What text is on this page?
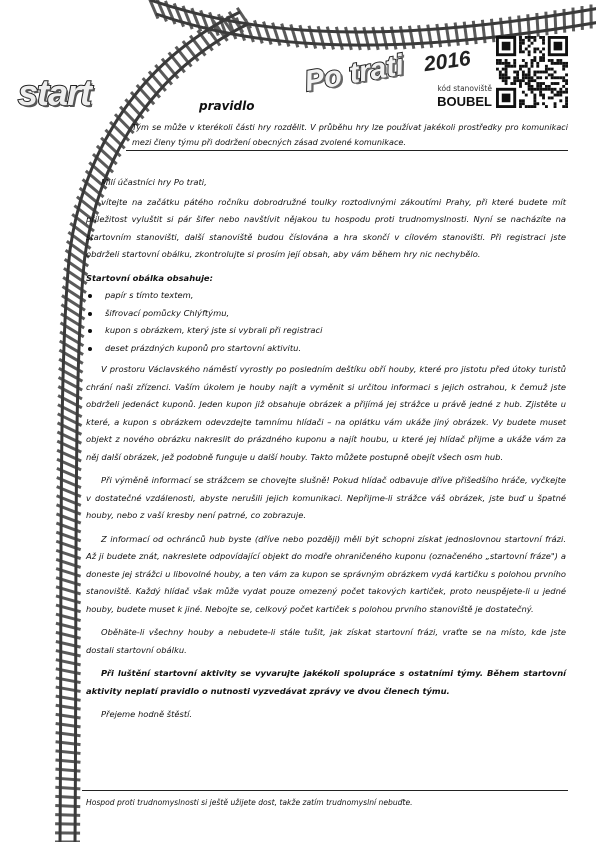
start	Po trati 2016
kód stanoviště
BOUBEL
pravidlo
Tým se může v kterékoli části hry rozdělit. V průběhu hry lze používat jakékoli prostředky pro komunikaci mezi členy týmu při dodržení obecných zásad zvolené komunikace.

Milí účastníci hry Po trati,

vítejte na začátku pátého ročníku dobrodružné toulky roztodivnými zákoutími Prahy, při které budete mít příležitost vyluštit si pár šifer nebo navštívit nějakou tu hospodu proti trudnomyslnosti. Nyní se nacházíte na startovním stanovišti, další stanoviště budou číslována a hra skončí v cílovém stanovišti. Při registraci jste obdrželi startovní obálku, zkontrolujte si prosím její obsah, aby vám během hry nic nechybělo.

Startovní obálka obsahuje:

papír s tímto textem,
šifrovací pomůcky Chlýftýmu,
kupon s obrázkem, který jste si vybrali při registraci
deset prázdných kuponů pro startovní aktivitu.

V prostoru Václavského náměstí vyrostly po posledním deštíku obří houby, které pro jistotu před útoky turistů chrání naši zřízenci. Vaším úkolem je houby najít a vyměnit si určitou informaci s jejich ostrahou, k čemuž jste obdrželi jedenáct kuponů. Jeden kupon již obsahuje obrázek a přijímá jej strážce u právě jedné z hub. Zjistěte u které, a kupon s obrázkem odevzdejte tamnímu hlídači – na oplátku vám ukáže jiný obrázek. Vy budete muset objekt z nového obrázku nakreslit do prázdného kuponu a najít houbu, u které jej hlídač přijme a ukáže vám za něj další obrázek, jež podobně funguje u další houby. Takto můžete postupně obejít všech osm hub.

Při výměně informací se strážcem se chovejte slušně! Pokud hlídač odbavuje dříve přišedšího hráče, vyčkejte v dostatečné vzdálenosti, abyste nerušili jejich komunikaci. Nepřijme-li strážce váš obrázek, jste buď u špatné houby, nebo z vaší kresby není patrné, co zobrazuje.

Z informací od ochránců hub byste (dříve nebo později) měli být schopni získat jednoslovnou startovní frázi. Až ji budete znát, nakreslete odpovídající objekt do modře ohraničeného kuponu (označeného „startovní fráze") a doneste jej strážci u libovolné houby, a ten vám za kupon se správným obrázkem vydá kartičku s polohou prvního stanoviště. Každý hlídač však může vydat pouze omezený počet takových kartiček, proto neuspějete-li u jedné houby, budete muset k jiné. Nebojte se, celkový počet kartiček s polohou prvního stanoviště je dostatečný.

Oběhäte-li všechny houby a nebudete-li stále tušit, jak získat startovní frázi, vraťte se na místo, kde jste dostali startovní obálku.

Při luštění startovní aktivity se vyvarujte jakékoli spolupráce s ostatními týmy. Během startovní aktivity neplatí pravidlo o nutnosti vyzvedávat zprávy ve dvou členech týmu.

Přejeme hodně štěstí.

Hospod proti trudnomyslnosti si ještě užijete dost, takže zatím trudnomyslní nebuďte.
